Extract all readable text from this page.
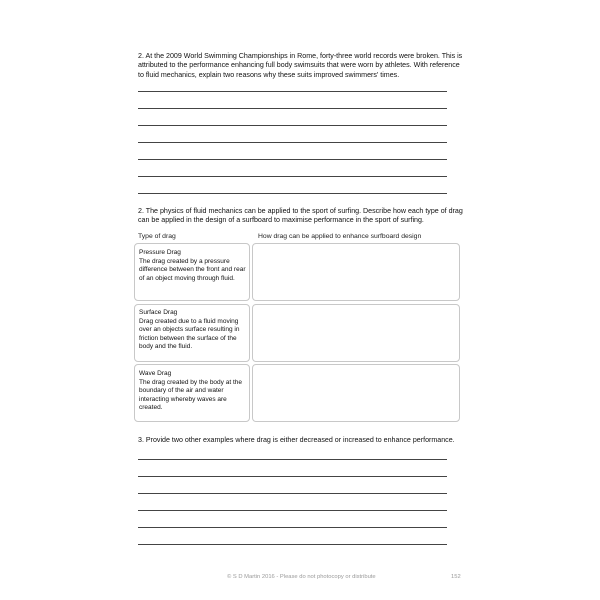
2. At the 2009 World Swimming Championships in Rome, forty-three world records were broken. This is attributed to the performance enhancing full body swimsuits that were worn by athletes. With reference to fluid mechanics, explain two reasons why these suits improved swimmers' times.
2. The physics of fluid mechanics can be applied to the sport of surfing. Describe how each type of drag can be applied in the design of a surfboard to maximise performance in the sport of surfing.
Type of drag	How drag can be applied to enhance surfboard design
Pressure Drag
The drag created by a pressure difference between the front and rear of an object moving through fluid.
Surface Drag
Drag created due to a fluid moving over an objects surface resulting in friction between the surface of the body and the fluid.
Wave Drag
The drag created by the body at the boundary of the air and water interacting whereby waves are created.
3. Provide two other examples where drag is either decreased or increased to enhance performance.
© S D Martin 2016 - Please do not photocopy or distribute	152
